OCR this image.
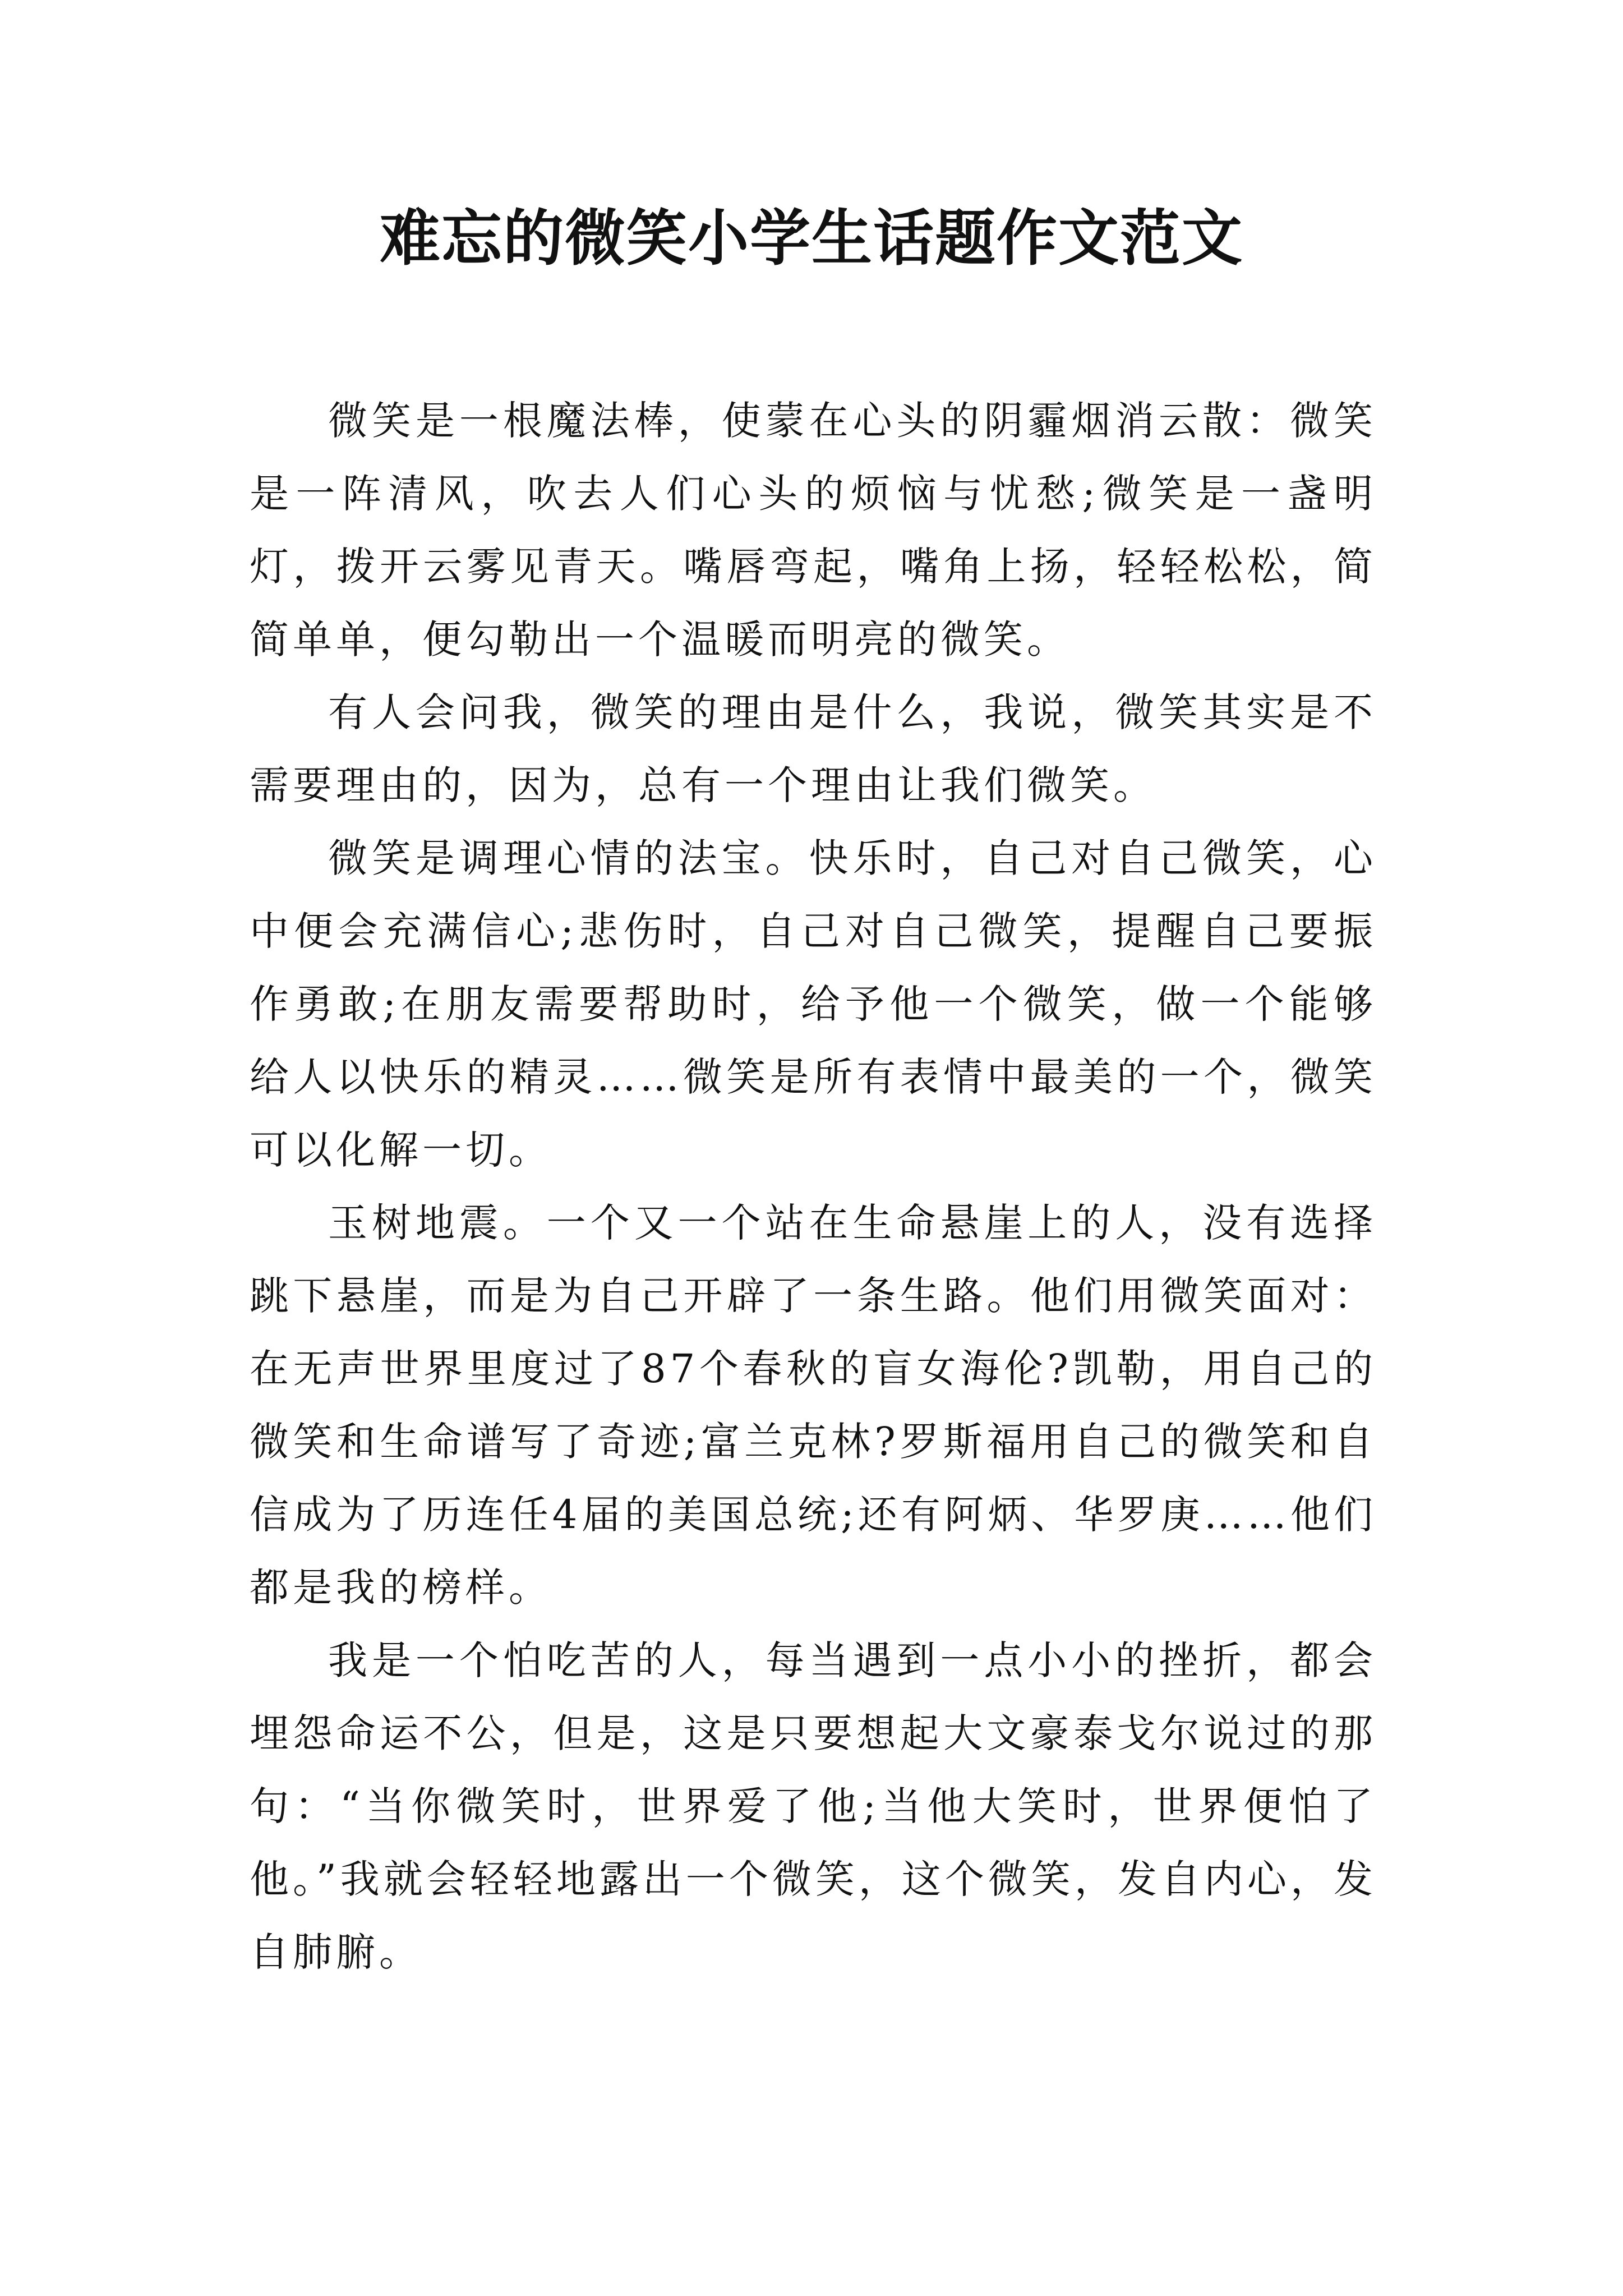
难忘的微笑小学生话题作文范文

微笑是一根魔法棒，使蒙在心头的阴霾烟消云散：微笑是一阵清风，吹去人们心头的烦恼与忧愁;微笑是一盏明灯，拨开云雾见青天。嘴唇弯起，嘴角上扬，轻轻松松，简简单单，便勾勒出一个温暖而明亮的微笑。

有人会问我，微笑的理由是什么，我说，微笑其实是不需要理由的，因为，总有一个理由让我们微笑。

微笑是调理心情的法宝。快乐时，自己对自己微笑，心中便会充满信心;悲伤时，自己对自己微笑，提醒自己要振作勇敢;在朋友需要帮助时，给予他一个微笑，做一个能够给人以快乐的精灵……微笑是所有表情中最美的一个，微笑可以化解一切。

玉树地震。一个又一个站在生命悬崖上的人，没有选择跳下悬崖，而是为自己开辟了一条生路。他们用微笑面对：在无声世界里度过了87个春秋的盲女海伦?凯勒，用自己的微笑和生命谱写了奇迹;富兰克林?罗斯福用自己的微笑和自信成为了历连任4届的美国总统;还有阿炳、华罗庚……他们都是我的榜样。

我是一个怕吃苦的人，每当遇到一点小小的挫折，都会埋怨命运不公，但是，这是只要想起大文豪泰戈尔说过的那句：“当你微笑时，世界爱了他;当他大笑时，世界便怕了他。”我就会轻轻地露出一个微笑，这个微笑，发自内心，发自肺腑。
